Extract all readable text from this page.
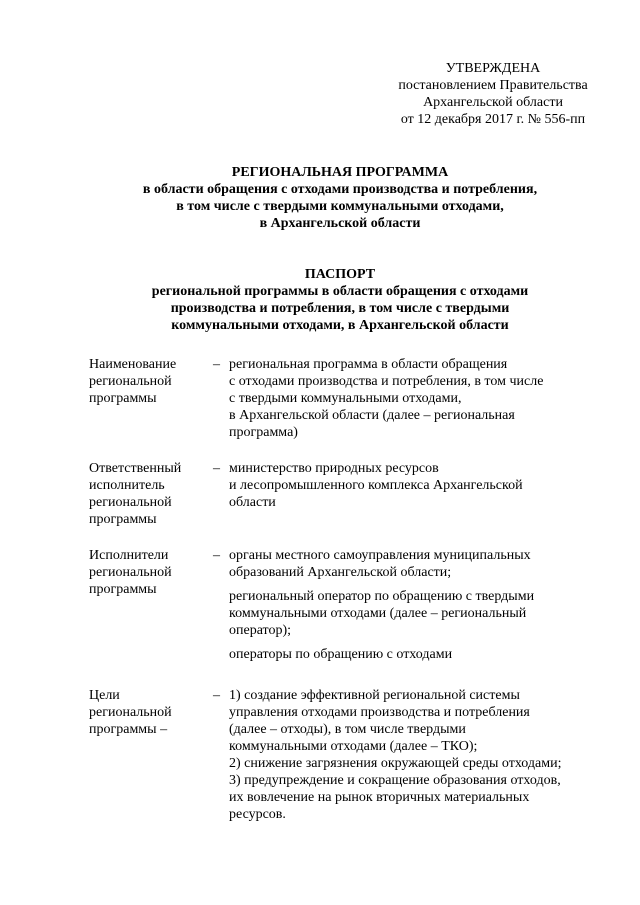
УТВЕРЖДЕНА
постановлением Правительства
Архангельской области
от 12 декабря 2017 г. № 556-пп
РЕГИОНАЛЬНАЯ ПРОГРАММА
в области обращения с отходами производства и потребления,
в том числе с твердыми коммунальными отходами,
в Архангельской области
ПАСПОРТ
региональной программы в области обращения с отходами
производства и потребления, в том числе с твердыми
коммунальными отходами, в Архангельской области
Наименование
региональной
программы
– региональная программа в области обращения
с отходами производства и потребления, в том числе
с твердыми коммунальными отходами,
в Архангельской области (далее – региональная
программа)
Ответственный
исполнитель
региональной
программы
– министерство природных ресурсов
и лесопромышленного комплекса Архангельской
области
Исполнители
региональной
программы
– органы местного самоуправления муниципальных
образований Архангельской области;
региональный оператор по обращению с твердыми
коммунальными отходами (далее – региональный
оператор);
операторы по обращению с отходами
Цели
региональной
программы –
– 1) создание эффективной региональной системы
управления отходами производства и потребления
(далее – отходы), в том числе твердыми
коммунальными отходами (далее – ТКО);
2) снижение загрязнения окружающей среды отходами;
3) предупреждение и сокращение образования отходов,
их вовлечение на рынок вторичных материальных
ресурсов.
